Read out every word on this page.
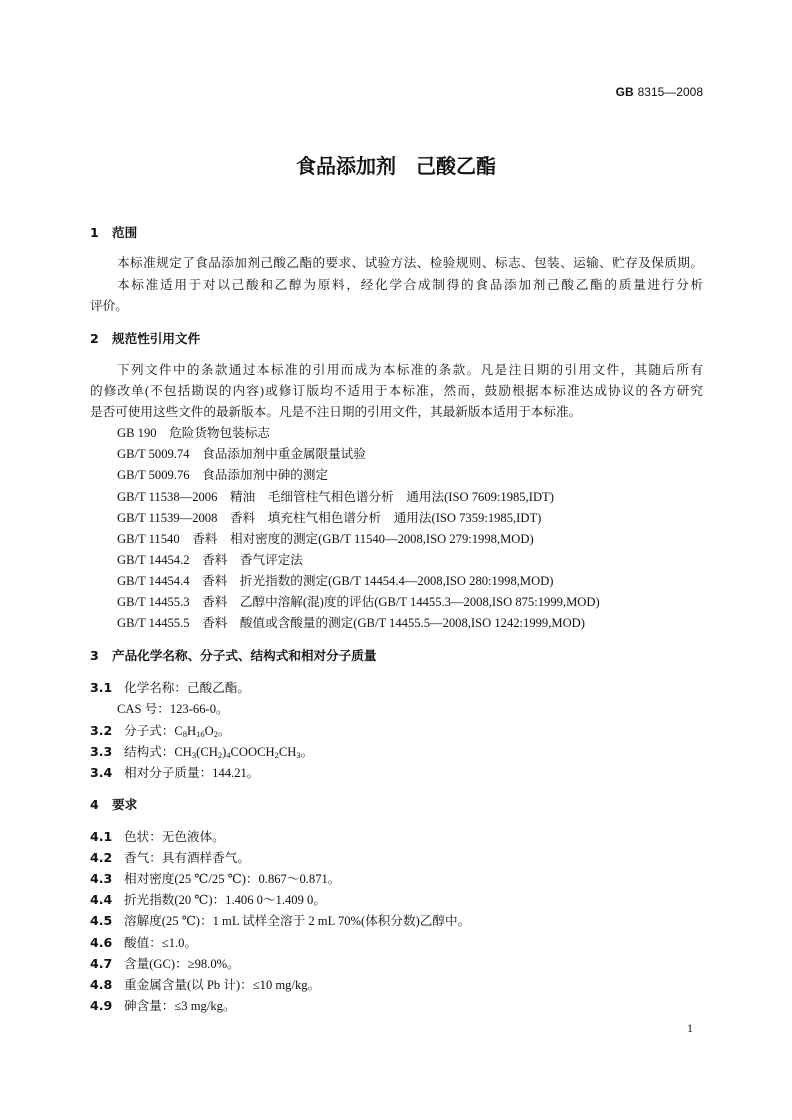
GB 8315—2008
食品添加剂　己酸乙酯
1 范围
本标准规定了食品添加剂己酸乙酯的要求、试验方法、检验规则、标志、包装、运输、贮存及保质期。
本标准适用于对以己酸和乙醇为原料，经化学合成制得的食品添加剂己酸乙酯的质量进行分析
评价。
2 规范性引用文件
下列文件中的条款通过本标准的引用而成为本标准的条款。凡是注日期的引用文件，其随后所有
的修改单(不包括勘误的内容)或修订版均不适用于本标准，然而，鼓励根据本标准达成协议的各方研究
是否可使用这些文件的最新版本。凡是不注日期的引用文件，其最新版本适用于本标准。
GB 190　危险货物包装标志
GB/T 5009.74　食品添加剂中重金属限量试验
GB/T 5009.76　食品添加剂中砷的测定
GB/T 11538—2006　精油　毛细管柱气相色谱分析　通用法(ISO 7609:1985,IDT)
GB/T 11539—2008　香料　填充柱气相色谱分析　通用法(ISO 7359:1985,IDT)
GB/T 11540　香料　相对密度的测定(GB/T 11540—2008,ISO 279:1998,MOD)
GB/T 14454.2　香料　香气评定法
GB/T 14454.4　香料　折光指数的测定(GB/T 14454.4—2008,ISO 280:1998,MOD)
GB/T 14455.3　香料　乙醇中溶解(混)度的评估(GB/T 14455.3—2008,ISO 875:1999,MOD)
GB/T 14455.5　香料　酸值或含酸量的测定(GB/T 14455.5—2008,ISO 1242:1999,MOD)
3 产品化学名称、分子式、结构式和相对分子质量
3.1 化学名称：己酸乙酯。
CAS 号：123-66-0。
3.2 分子式：$C_8H_{16}O_2$。
3.3 结构式：$CH_3(CH_2)_4COOCH_2CH_3$。
3.4 相对分子质量：144.21。
4 要求
4.1 色状：无色液体。
4.2 香气：具有酒样香气。
4.3 相对密度(25 ℃/25 ℃)：0.867～0.871。
4.4 折光指数(20 ℃)：1.406 0～1.409 0。
4.5 溶解度(25 ℃)：1 mL 试样全溶于 2 mL 70%(体积分数)乙醇中。
4.6 酸值：≤1.0。
4.7 含量(GC)：≥98.0%。
4.8 重金属含量(以 Pb 计)：≤10 mg/kg。
4.9 砷含量：≤3 mg/kg。
1
